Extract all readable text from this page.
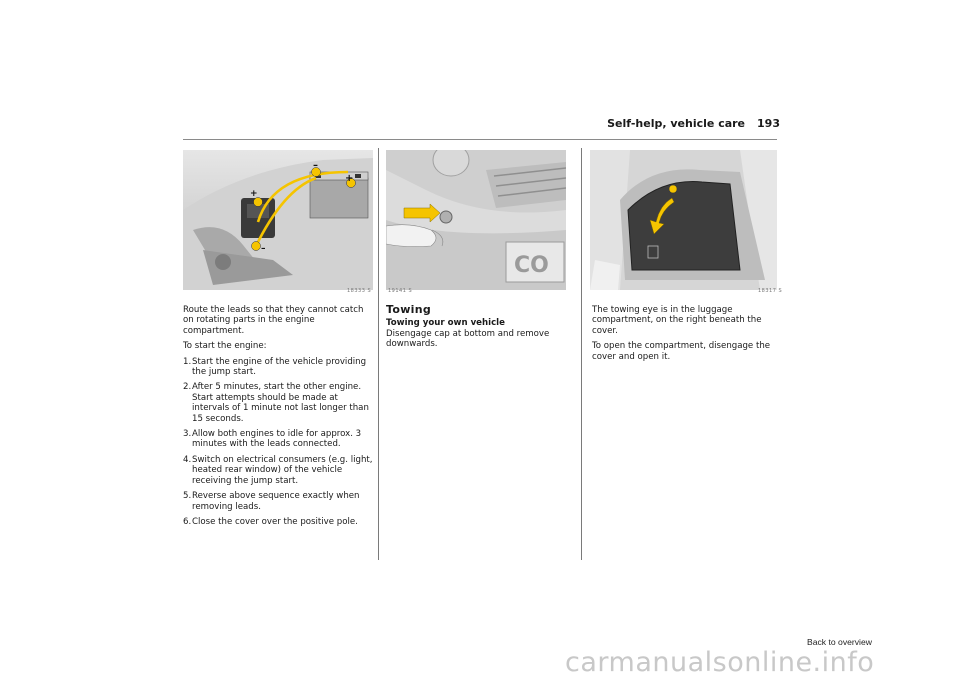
Self-help, vehicle care 193
–
+
+
–
18333 S
CO
19141 S	18317 S

Route the leads so that they cannot catch on rotating parts in the engine compartment.

To start the engine:

1. Start the engine of the vehicle providing the jump start.
2. After 5 minutes, start the other engine. Start attempts should be made at intervals of 1 minute not last longer than 15 seconds.
3. Allow both engines to idle for approx. 3 minutes with the leads connected.
4. Switch on electrical consumers (e.g. light, heated rear window) of the vehicle receiving the jump start.
5. Reverse above sequence exactly when removing leads.
6. Close the cover over the positive pole.
Towing
Towing your own vehicle

Disengage cap at bottom and remove downwards.

The towing eye is in the luggage compartment, on the right beneath the cover.

To open the compartment, disengage the cover and open it.

Back to overview
carmanualsonline.info
